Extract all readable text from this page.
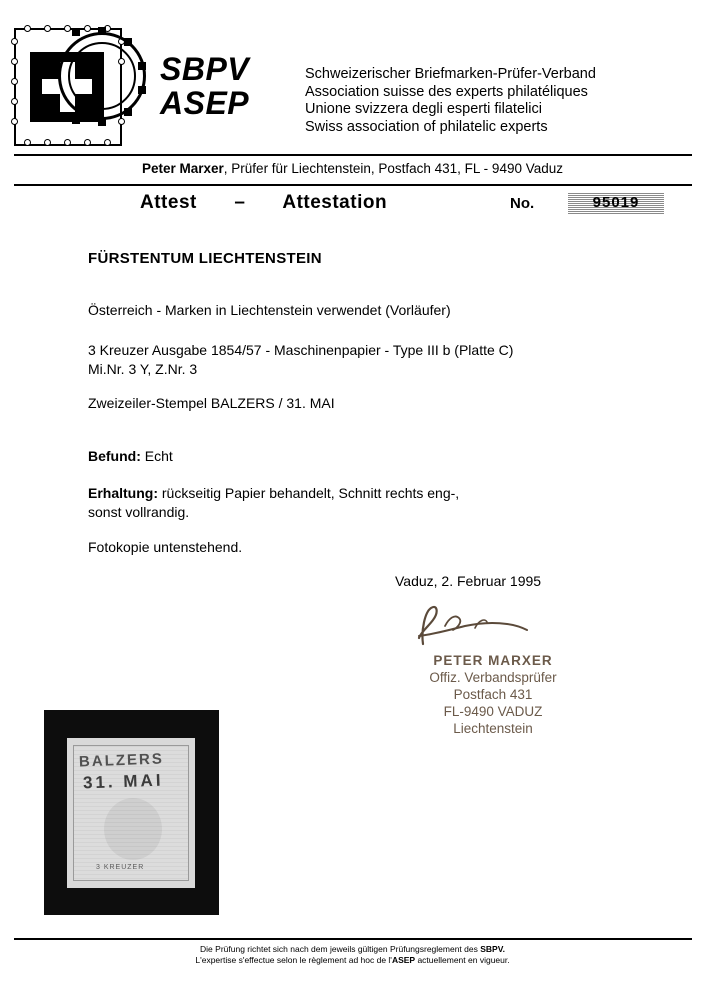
SBPV
ASEP
Schweizerischer Briefmarken-Prüfer-Verband
Association suisse des experts philatéliques
Unione svizzera degli esperti filatelici
Swiss association of philatelic experts
Peter Marxer, Prüfer für Liechtenstein, Postfach 431, FL - 9490 Vaduz
Attest – Attestation	No.	95019
FÜRSTENTUM LIECHTENSTEIN
Österreich - Marken in Liechtenstein verwendet (Vorläufer)
3 Kreuzer Ausgabe 1854/57 - Maschinenpapier - Type III b (Platte C)
Mi.Nr. 3 Y, Z.Nr. 3
Zweizeiler-Stempel BALZERS / 31. MAI
Befund: Echt
Erhaltung: rückseitig Papier behandelt, Schnitt rechts eng-,
sonst vollrandig.
Fotokopie untenstehend.
Vaduz, 2. Februar 1995
PETER MARXER
Offiz. Verbandsprüfer
Postfach 431
FL-9490 VADUZ
Liechtenstein
3 KREUZER
BALZERS
31. MAI
Die Prüfung richtet sich nach dem jeweils gültigen Prüfungsreglement des SBPV.
L'expertise s'effectue selon le règlement ad hoc de l'ASEP actuellement en vigueur.
